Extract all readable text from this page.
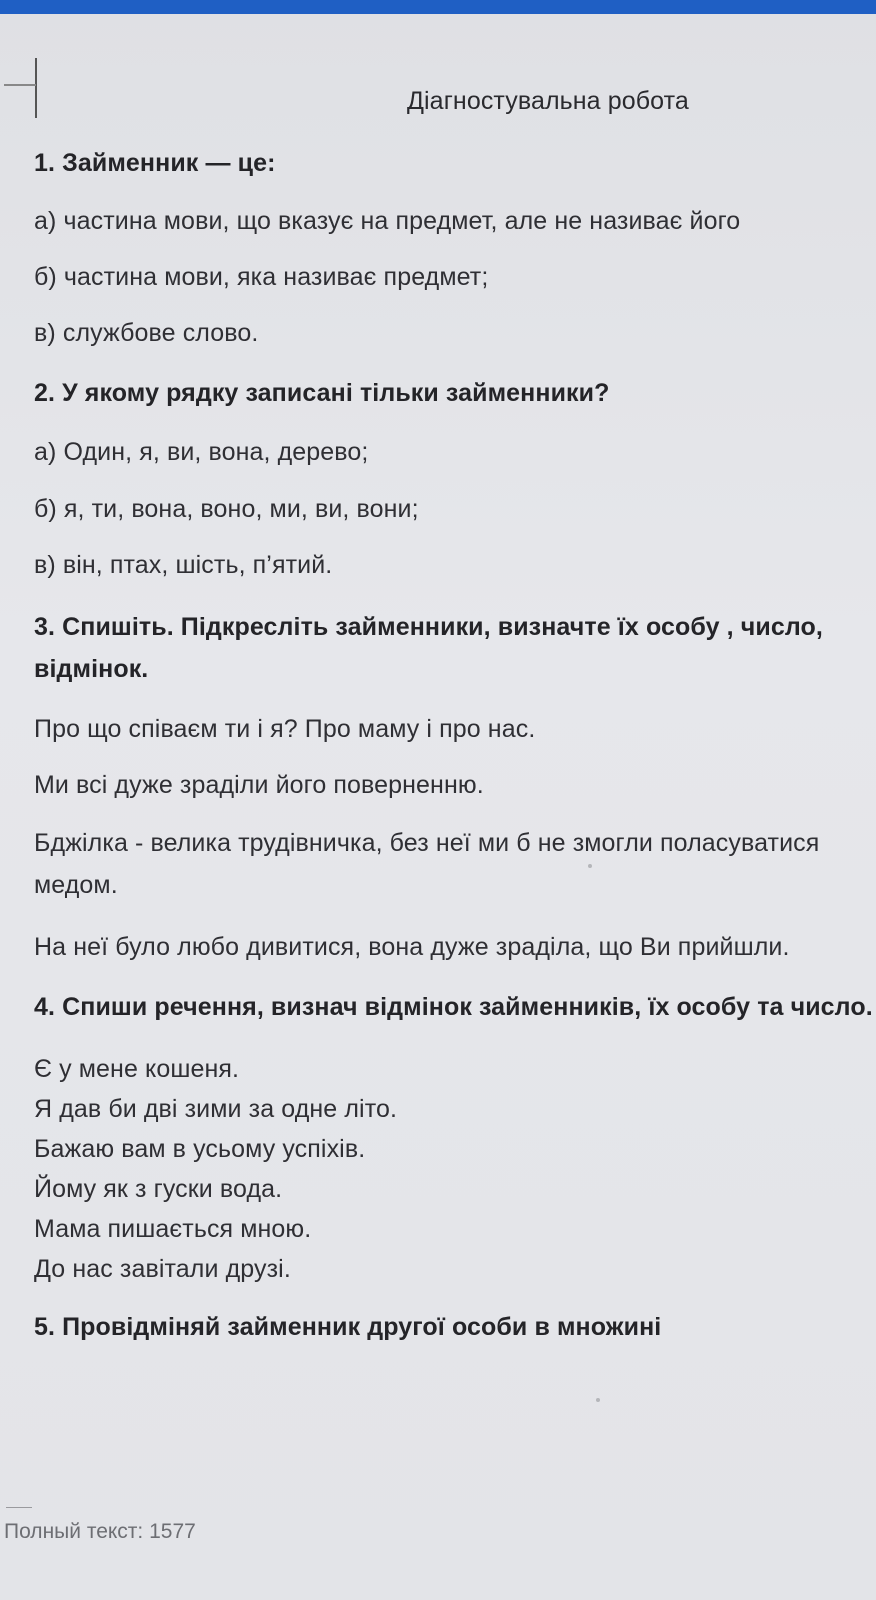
Діагностувальна робота
1. Займенник — це:
а) частина мови, що вказує на предмет, але не називає його
б) частина мови, яка називає предмет;
в) службове слово.
2. У якому рядку записані тільки займенники?
а) Один, я, ви, вона, дерево;
б) я, ти, вона, воно, ми, ви, вони;
в) він, птах, шість, п’ятий.
3. Спишіть. Підкресліть займенники, визначте їх особу , число,
відмінок.
Про що співаєм ти і я? Про маму і про нас.
Ми всі дуже зраділи його поверненню.
Бджілка - велика трудівничка, без неї ми б не змогли поласуватися
медом.
На неї було любо дивитися, вона дуже зраділа, що Ви прийшли.
4. Спиши речення, визнач відмінок займенників, їх особу та число.
Є у мене кошеня.
Я дав би дві зими за одне літо.
Бажаю вам в усьому успіхів.
Йому як з гуски вода.
Мама пишається мною.
До нас завітали друзі.
5. Провідміняй займенник другої особи в множині
Полный текст: 1577
